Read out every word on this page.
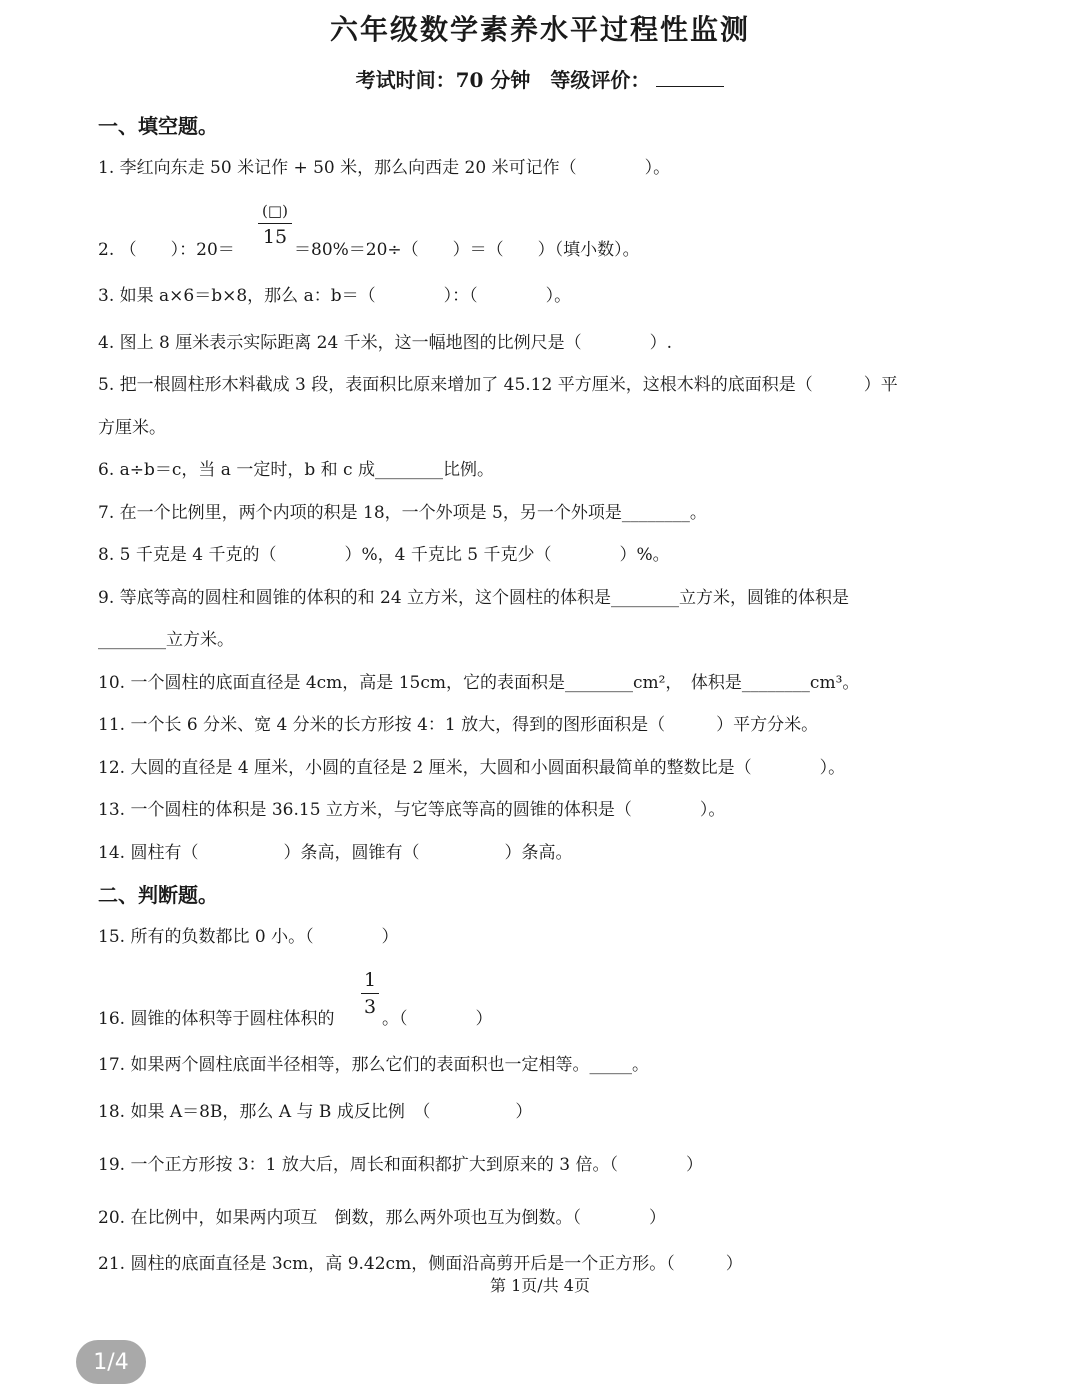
六年级数学素养水平过程性监测
考试时间：70 分钟　等级评价：
一、填空题。
1. 李红向东走 50 米记作 + 50 米，那么向西走 20 米可记作（　　　　）。
2. （　　）：20＝
(□)
15
＝80%＝20÷（　　）＝（　　）（填小数）。
3. 如果 a×6＝b×8，那么 a：b＝（　　　　）：（　　　　）。
4. 图上 8 厘米表示实际距离 24 千米，这一幅地图的比例尺是（　　　　）.
5. 把一根圆柱形木料截成 3 段，表面积比原来增加了 45.12 平方厘米，这根木料的底面积是（　　　）平
方厘米。
6. a÷b＝c，当 a 一定时，b 和 c 成________比例。
7. 在一个比例里，两个内项的积是 18，一个外项是 5，另一个外项是________。
8. 5 千克是 4 千克的（　　　　）%，4 千克比 5 千克少（　　　　）%。
9. 等底等高的圆柱和圆锥的体积的和 24 立方米，这个圆柱的体积是________立方米，圆锥的体积是
________立方米。
10. 一个圆柱的底面直径是 4cm，高是 15cm，它的表面积是________cm²，　体积是________cm³。
11. 一个长 6 分米、宽 4 分米的长方形按 4：1 放大，得到的图形面积是（　　　）平方分米。
12. 大圆的直径是 4 厘米，小圆的直径是 2 厘米，大圆和小圆面积最简单的整数比是（　　　　）。
13. 一个圆柱的体积是 36.15 立方米，与它等底等高的圆锥的体积是（　　　　）。
14. 圆柱有（　　　　　）条高，圆锥有（　　　　　）条高。
二、判断题。
15. 所有的负数都比 0 小。（　　　　）
16. 圆锥的体积等于圆柱体积的
1
3
。（　　　　）
17. 如果两个圆柱底面半径相等，那么它们的表面积也一定相等。_____。
18. 如果 A＝8B，那么 A 与 B 成反比例　（　　　　　）
19. 一个正方形按 3：1 放大后，周长和面积都扩大到原来的 3 倍。（　　　　）
20. 在比例中，如果两内项互　倒数，那么两外项也互为倒数。（　　　　）
21. 圆柱的底面直径是 3cm，高 9.42cm，侧面沿高剪开后是一个正方形。（　　　）
第 1页/共 4页
1/4
